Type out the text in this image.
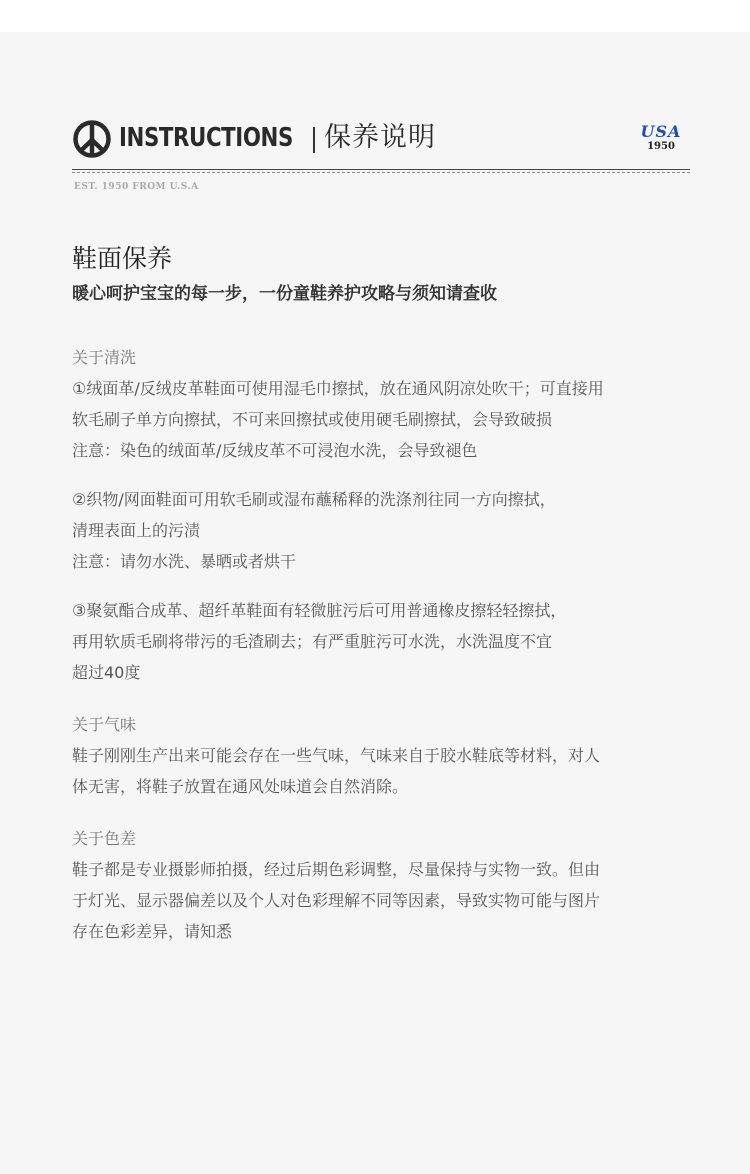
INSTRUCTIONS 保养说明	USA
1950
EST. 1950 FROM U.S.A
鞋面保养
暖心呵护宝宝的每一步，一份童鞋养护攻略与须知请查收

关于清洗

①绒面革/反绒皮革鞋面可使用湿毛巾擦拭，放在通风阴凉处吹干；可直接用

软毛刷子单方向擦拭，不可来回擦拭或使用硬毛刷擦拭，会导致破损

注意：染色的绒面革/反绒皮革不可浸泡水洗，会导致褪色

②织物/网面鞋面可用软毛刷或湿布蘸稀释的洗涤剂往同一方向擦拭，

清理表面上的污渍

注意：请勿水洗、暴晒或者烘干

③聚氨酯合成革、超纤革鞋面有轻微脏污后可用普通橡皮擦轻轻擦拭，

再用软质毛刷将带污的毛渣刷去；有严重脏污可水洗，水洗温度不宜

超过40度

关于气味

鞋子刚刚生产出来可能会存在一些气味，气味来自于胶水鞋底等材料，对人

体无害，将鞋子放置在通风处味道会自然消除。

关于色差

鞋子都是专业摄影师拍摄，经过后期色彩调整，尽量保持与实物一致。但由

于灯光、显示器偏差以及个人对色彩理解不同等因素，导致实物可能与图片

存在色彩差异，请知悉
